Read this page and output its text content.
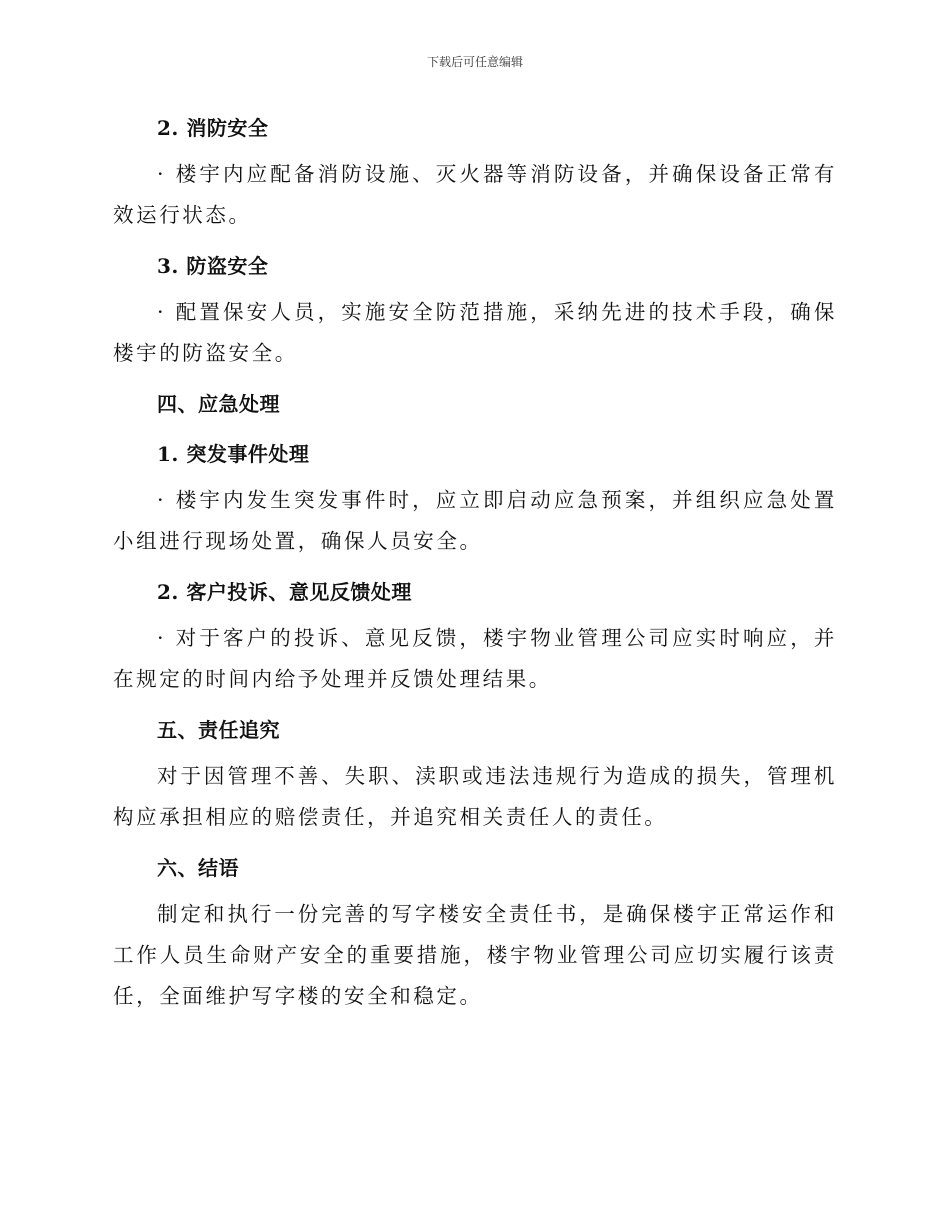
下载后可任意编辑
2. 消防安全

· 楼宇内应配备消防设施、灭火器等消防设备，并确保设备正常有效运行状态。

3. 防盗安全

· 配置保安人员，实施安全防范措施，采纳先进的技术手段，确保楼宇的防盗安全。

四、应急处理
1. 突发事件处理

· 楼宇内发生突发事件时，应立即启动应急预案，并组织应急处置小组进行现场处置，确保人员安全。

2. 客户投诉、意见反馈处理

· 对于客户的投诉、意见反馈，楼宇物业管理公司应实时响应，并在规定的时间内给予处理并反馈处理结果。

五、责任追究

对于因管理不善、失职、渎职或违法违规行为造成的损失，管理机构应承担相应的赔偿责任，并追究相关责任人的责任。

六、结语

制定和执行一份完善的写字楼安全责任书，是确保楼宇正常运作和工作人员生命财产安全的重要措施，楼宇物业管理公司应切实履行该责任，全面维护写字楼的安全和稳定。
